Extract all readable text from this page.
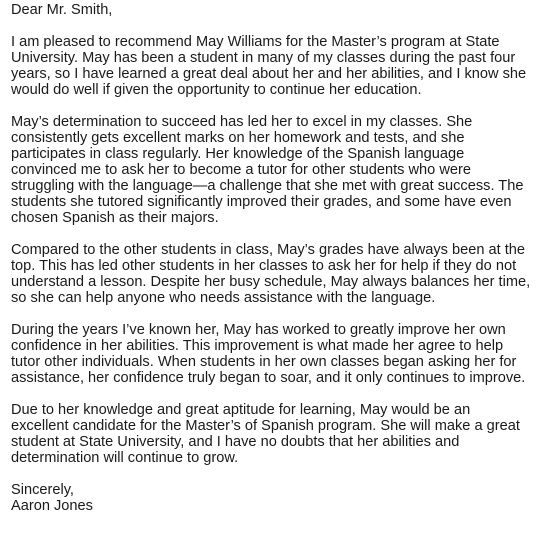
Dear Mr. Smith,

I am pleased to recommend May Williams for the Master’s program at State University. May has been a student in many of my classes during the past four years, so I have learned a great deal about her and her abilities, and I know she would do well if given the opportunity to continue her education.

May’s determination to succeed has led her to excel in my classes. She consistently gets excellent marks on her homework and tests, and she participates in class regularly. Her knowledge of the Spanish language convinced me to ask her to become a tutor for other students who were struggling with the language—a challenge that she met with great success. The students she tutored significantly improved their grades, and some have even chosen Spanish as their majors.

Compared to the other students in class, May’s grades have always been at the top. This has led other students in her classes to ask her for help if they do not understand a lesson. Despite her busy schedule, May always balances her time, so she can help anyone who needs assistance with the language.

During the years I’ve known her, May has worked to greatly improve her own confidence in her abilities. This improvement is what made her agree to help tutor other individuals. When students in her own classes began asking her for assistance, her confidence truly began to soar, and it only continues to improve.

Due to her knowledge and great aptitude for learning, May would be an excellent candidate for the Master’s of Spanish program. She will make a great student at State University, and I have no doubts that her abilities and determination will continue to grow.

Sincerely,

Aaron Jones
